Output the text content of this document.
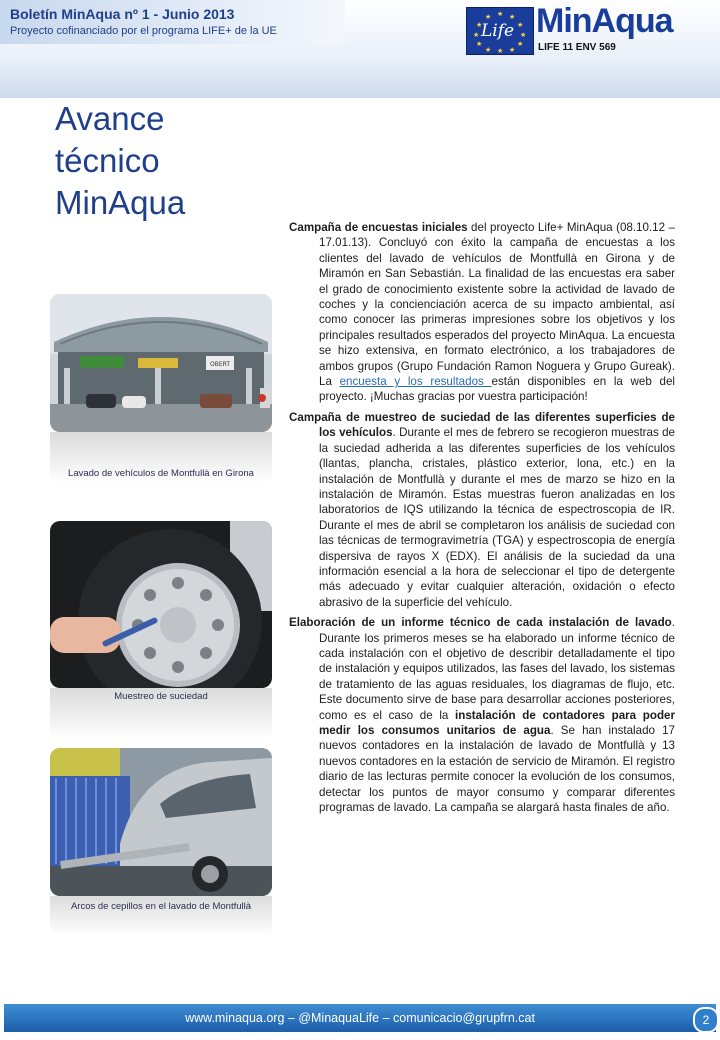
Boletín MinAqua nº 1 - Junio 2013
Proyecto cofinanciado por el programa LIFE+ de la UE
★ ★
★
★
★
★
★
★
★
★
★
★
Life MinAqua
LIFE 11 ENV 569
Avance
técnico
MinAqua
OBERT
Lavado de vehículos de Montfullà en Girona
Muestreo de suciedad
Arcos de cepillos en el lavado de Montfullà

Campaña de encuestas iniciales del proyecto Life+ MinAqua (08.10.12 – 17.01.13). Concluyó con éxito la campaña de encuestas a los clientes del lavado de vehículos de Montfullà en Girona y de Miramón en San Sebastián. La finalidad de las encuestas era saber el grado de conocimiento existente sobre la actividad de lavado de coches y la concienciación acerca de su impacto ambiental, así como conocer las primeras impresiones sobre los objetivos y los principales resultados esperados del proyecto MinAqua. La encuesta se hizo extensiva, en formato electrónico, a los trabajadores de ambos grupos (Grupo Fundación Ramon Noguera y Grupo Gureak). La encuesta y los resultados están disponibles en la web del proyecto. ¡Muchas gracias por vuestra participación!

Campaña de muestreo de suciedad de las diferentes superficies de los vehículos. Durante el mes de febrero se recogieron muestras de la suciedad adherida a las diferentes superficies de los vehículos (llantas, plancha, cristales, plástico exterior, lona, etc.) en la instalación de Montfullà y durante el mes de marzo se hizo en la instalación de Miramón. Estas muestras fueron analizadas en los laboratorios de IQS utilizando la técnica de espectroscopia de IR. Durante el mes de abril se completaron los análisis de suciedad con las técnicas de termogravimetría (TGA) y espectroscopia de energía dispersiva de rayos X (EDX). El análisis de la suciedad da una información esencial a la hora de seleccionar el tipo de detergente más adecuado y evitar cualquier alteración, oxidación o efecto abrasivo de la superficie del vehículo.

Elaboración de un informe técnico de cada instalación de lavado. Durante los primeros meses se ha elaborado un informe técnico de cada instalación con el objetivo de describir detalladamente el tipo de instalación y equipos utilizados, las fases del lavado, los sistemas de tratamiento de las aguas residuales, los diagramas de flujo, etc. Este documento sirve de base para desarrollar acciones posteriores, como es el caso de la instalación de contadores para poder medir los consumos unitarios de agua. Se han instalado 17 nuevos contadores en la instalación de lavado de Montfullà y 13 nuevos contadores en la estación de servicio de Miramón. El registro diario de las lecturas permite conocer la evolución de los consumos, detectar los puntos de mayor consumo y comparar diferentes programas de lavado. La campaña se alargará hasta finales de año.

www.minaqua.org – @MinaquaLife – comunicacio@grupfrn.cat	2
